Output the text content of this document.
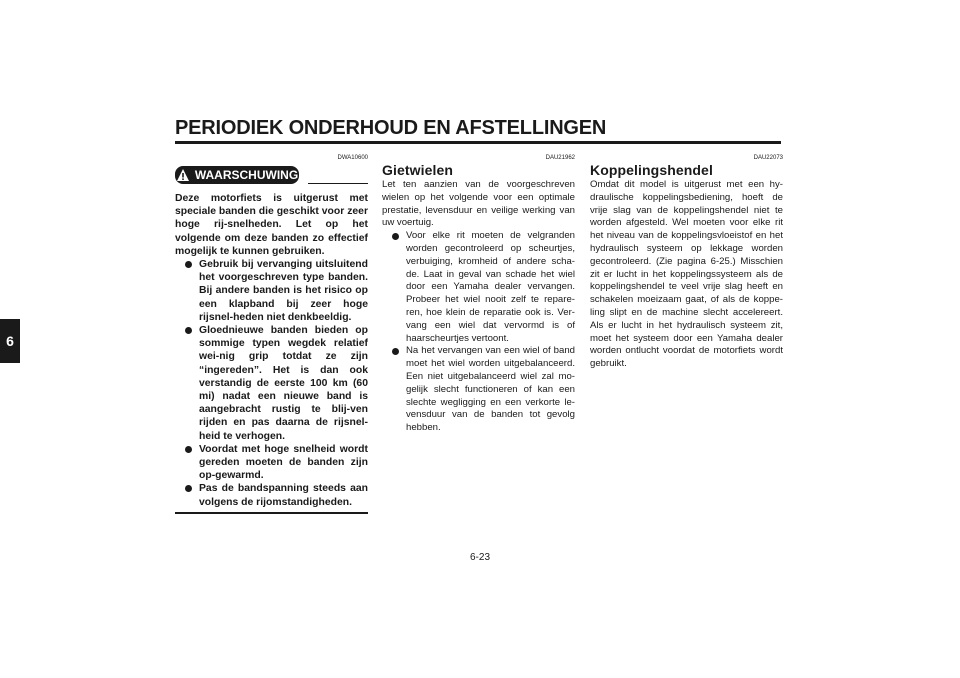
PERIODIEK ONDERHOUD EN AFSTELLINGEN
6
DWA10600
WAARSCHUWING

Deze motorfiets is uitgerust met speciale banden die geschikt voor zeer hoge rij-snelheden. Let op het volgende om deze banden zo effectief mogelijk te kunnen gebruiken.

Gebruik bij vervanging uitsluitend het voorgeschreven type banden. Bij andere banden is het risico op een klapband bij zeer hoge rijsnel-heden niet denkbeeldig.
Gloednieuwe banden bieden op sommige typen wegdek relatief wei-nig grip totdat ze zijn “ingereden”. Het is dan ook verstandig de eerste 100 km (60 mi) nadat een nieuwe band is aangebracht rustig te blij-ven rijden en pas daarna de rijsnel-heid te verhogen.
Voordat met hoge snelheid wordt gereden moeten de banden zijn op-gewarmd.
Pas de bandspanning steeds aan volgens de rijomstandigheden.
DAU21962
Gietwielen

Let ten aanzien van de voorgeschreven wielen op het volgende voor een optimale prestatie, levensduur en veilige werking van uw voertuig.

Voor elke rit moeten de velgranden worden gecontroleerd op scheurtjes, verbuiging, kromheid of andere scha-de. Laat in geval van schade het wiel door een Yamaha dealer vervangen. Probeer het wiel nooit zelf te repare-ren, hoe klein de reparatie ook is. Ver-vang een wiel dat vervormd is of haarscheurtjes vertoont.
Na het vervangen van een wiel of band moet het wiel worden uitgebalanceerd. Een niet uitgebalanceerd wiel zal mo-gelijk slecht functioneren of kan een slechte wegligging en een verkorte le-vensduur van de banden tot gevolg hebben.
DAU22073
Koppelingshendel

Omdat dit model is uitgerust met een hy-draulische koppelingsbediening, hoeft de vrije slag van de koppelingshendel niet te worden afgesteld. Wel moeten voor elke rit het niveau van de koppelingsvloeistof en het hydraulisch systeem op lekkage worden gecontroleerd. (Zie pagina 6-25.) Misschien zit er lucht in het koppelingssysteem als de koppelingshendel te veel vrije slag heeft en schakelen moeizaam gaat, of als de koppe-ling slipt en de machine slecht accelereert. Als er lucht in het hydraulisch systeem zit, moet het systeem door een Yamaha dealer worden ontlucht voordat de motorfiets wordt gebruikt.

6-23
